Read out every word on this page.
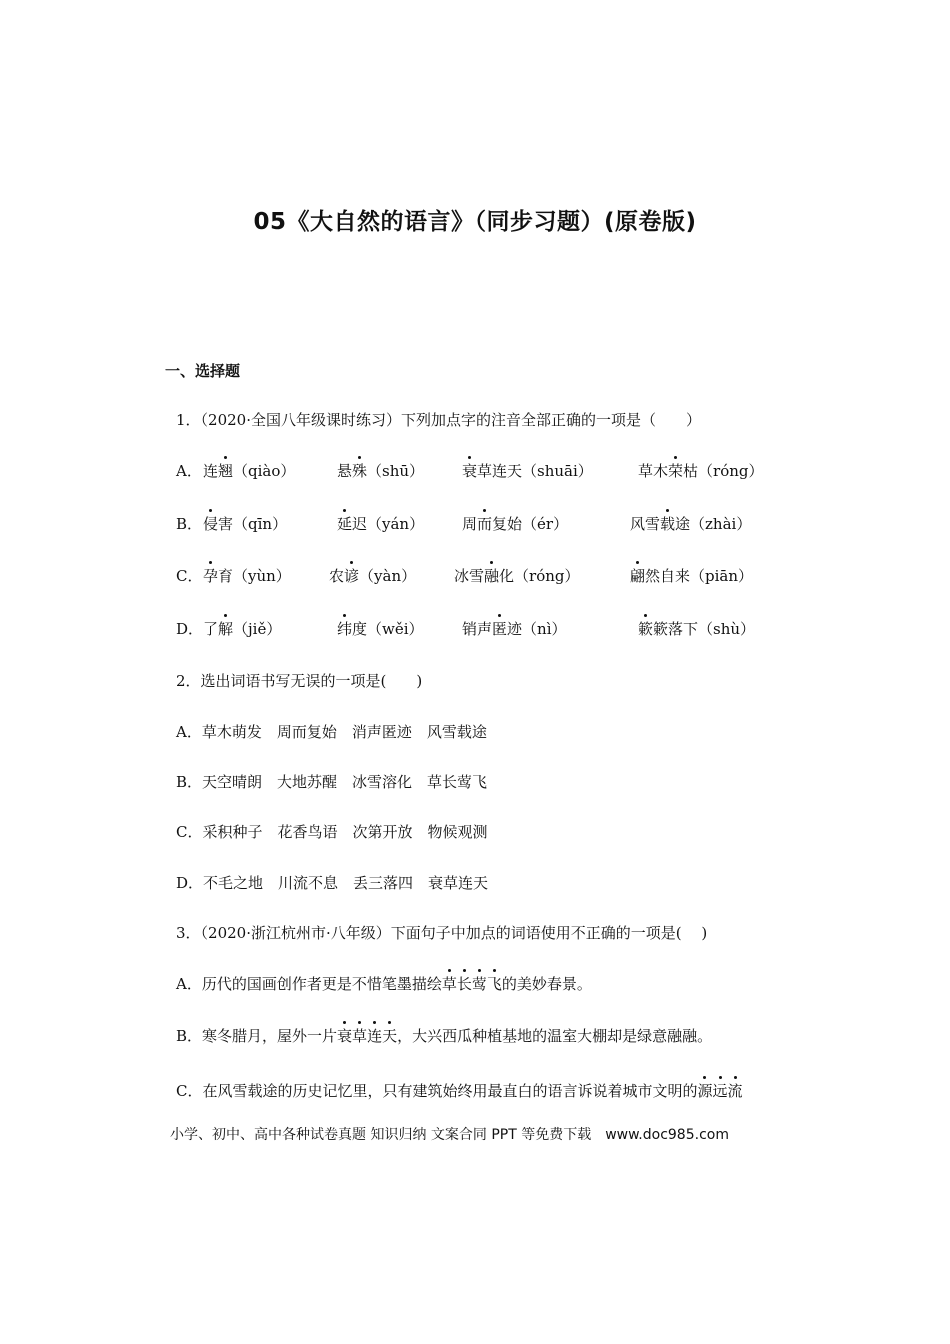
05《大自然的语言》（同步习题）(原卷版)
一、选择题
1．（2020·全国八年级课时练习）下列加点字的注音全部正确的一项是（　　）
A． 连翘（qiào）	悬殊（shū）	衰草连天（shuāi）	草木荣枯（róng）
B． 侵害（qīn）	延迟（yán）	周而复始（ér）	风雪载途（zhài）
C． 孕育（yùn）	农谚（yàn）	冰雪融化（róng）	翩然自来（piān）
D． 了解（jiě）	纬度（wěi）	销声匿迹（nì）	簌簌落下（shù）
2．选出词语书写无误的一项是(　　)
A．草木萌发　周而复始　消声匿迹　风雪载途
B．天空晴朗　大地苏醒　冰雪溶化　草长莺飞
C．采积种子　花香鸟语　次第开放　物候观测
D．不毛之地　川流不息　丢三落四　衰草连天
3．（2020·浙江杭州市·八年级）下面句子中加点的词语使用不正确的一项是(　 )
A．历代的国画创作者更是不惜笔墨描绘草长莺飞的美妙春景。
B．寒冬腊月，屋外一片衰草连天，大兴西瓜种植基地的温室大棚却是绿意融融。
C．在风雪载途的历史记忆里，只有建筑始终用最直白的语言诉说着城市文明的源远流
小学、初中、高中各种试卷真题 知识归纳 文案合同 PPT 等免费下载　www.doc985.com
